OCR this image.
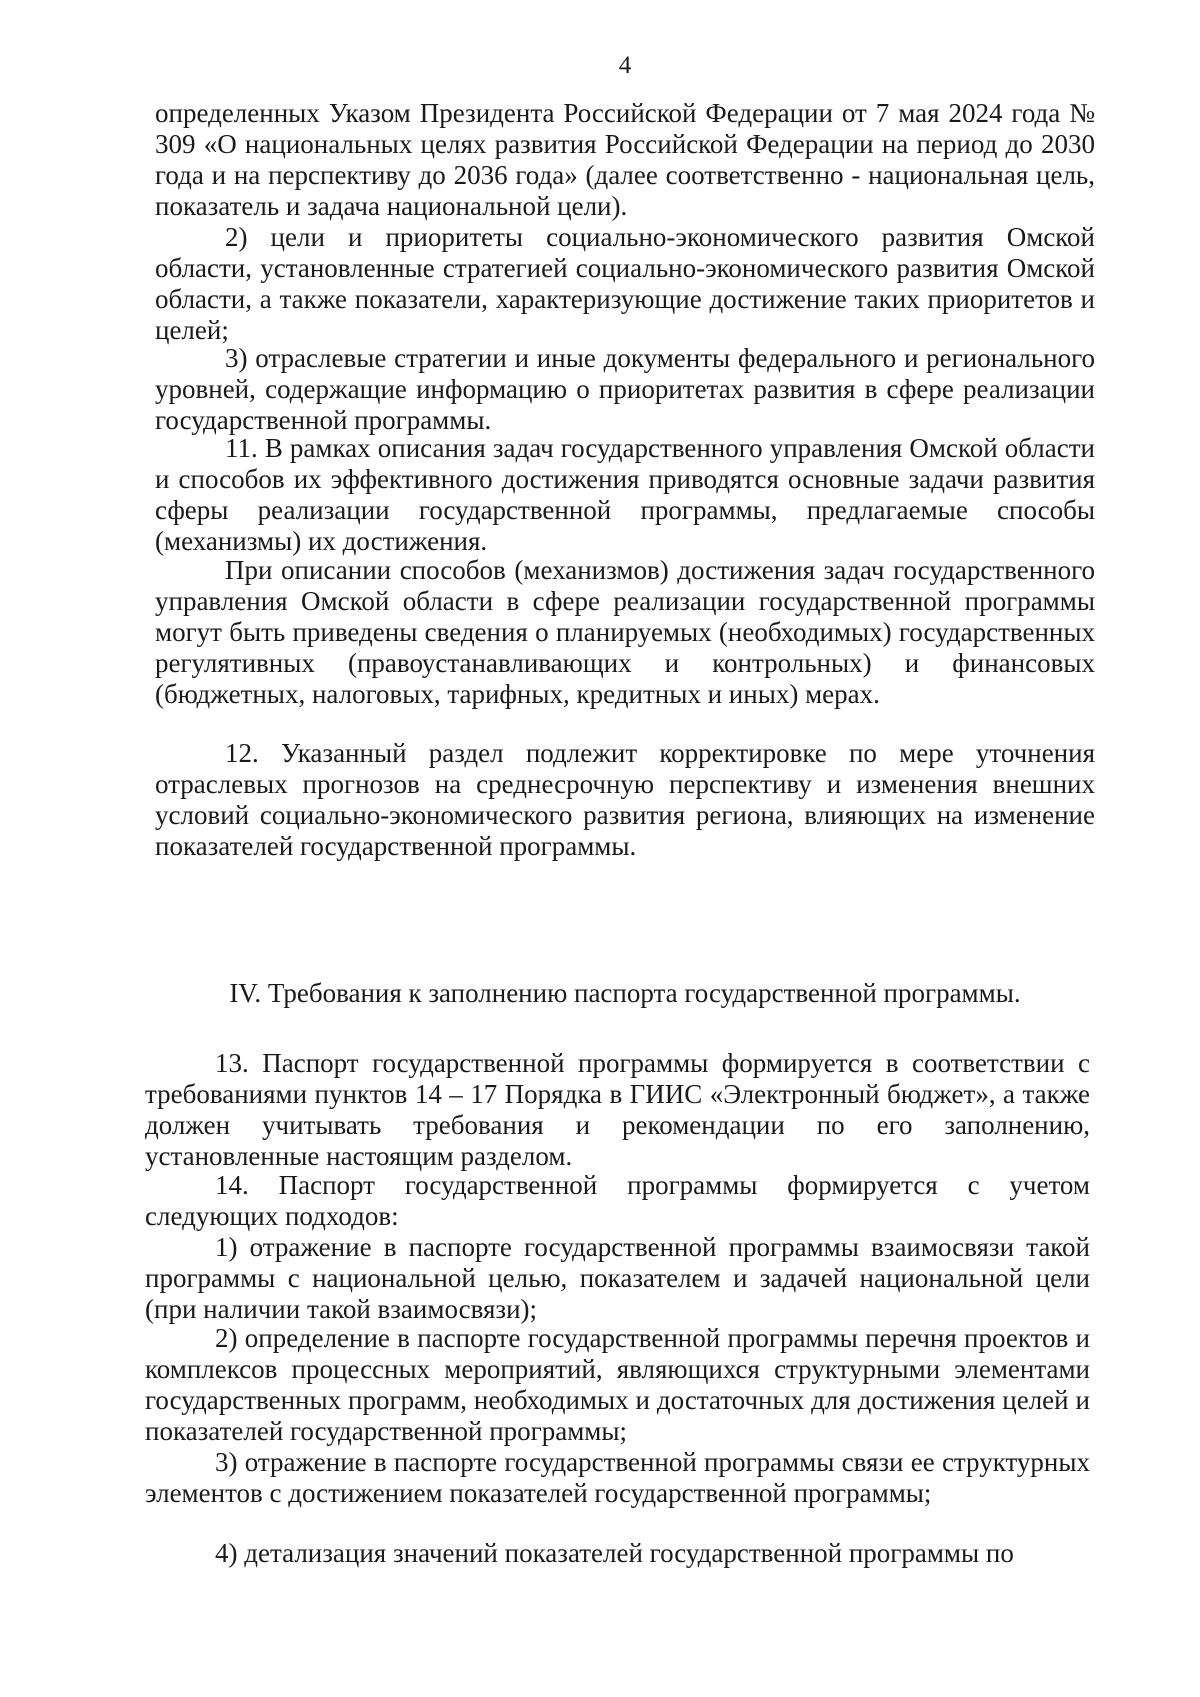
4

определенных Указом Президента Российской Федерации от 7 мая 2024 года № 309 «О национальных целях развития Российской Федерации на период до 2030 года и на перспективу до 2036 года» (далее соответственно - национальная цель, показатель и задача национальной цели).

2) цели и приоритеты социально-экономического развития Омской области, установленные стратегией социально-экономического развития Омской области, а также показатели, характеризующие достижение таких приоритетов и целей;

3) отраслевые стратегии и иные документы федерального и регионального уровней, содержащие информацию о приоритетах развития в сфере реализации государственной программы.

11. В рамках описания задач государственного управления Омской области и способов их эффективного достижения приводятся основные задачи развития сферы реализации государственной программы, предлагаемые способы (механизмы) их достижения.

При описании способов (механизмов) достижения задач государственного управления Омской области в сфере реализации государственной программы могут быть приведены сведения о планируемых (необходимых) государственных регулятивных (правоустанавливающих и контрольных) и финансовых (бюджетных, налоговых, тарифных, кредитных и иных) мерах.

12. Указанный раздел подлежит корректировке по мере уточнения отраслевых прогнозов на среднесрочную перспективу и изменения внешних условий социально-экономического развития региона, влияющих на изменение показателей государственной программы.

IV. Требования к заполнению паспорта государственной программы.

13. Паспорт государственной программы формируется в соответствии с требованиями пунктов 14 – 17 Порядка в ГИИС «Электронный бюджет», а также должен учитывать требования и рекомендации по его заполнению, установленные настоящим разделом.

14. Паспорт государственной программы формируется с учетом следующих подходов:

1) отражение в паспорте государственной программы взаимосвязи такой программы с национальной целью, показателем и задачей национальной цели (при наличии такой взаимосвязи);

2) определение в паспорте государственной программы перечня проектов и комплексов процессных мероприятий, являющихся структурными элементами государственных программ, необходимых и достаточных для достижения целей и показателей государственной программы;

3) отражение в паспорте государственной программы связи ее структурных элементов с достижением показателей государственной программы;

4) детализация значений показателей государственной программы по
